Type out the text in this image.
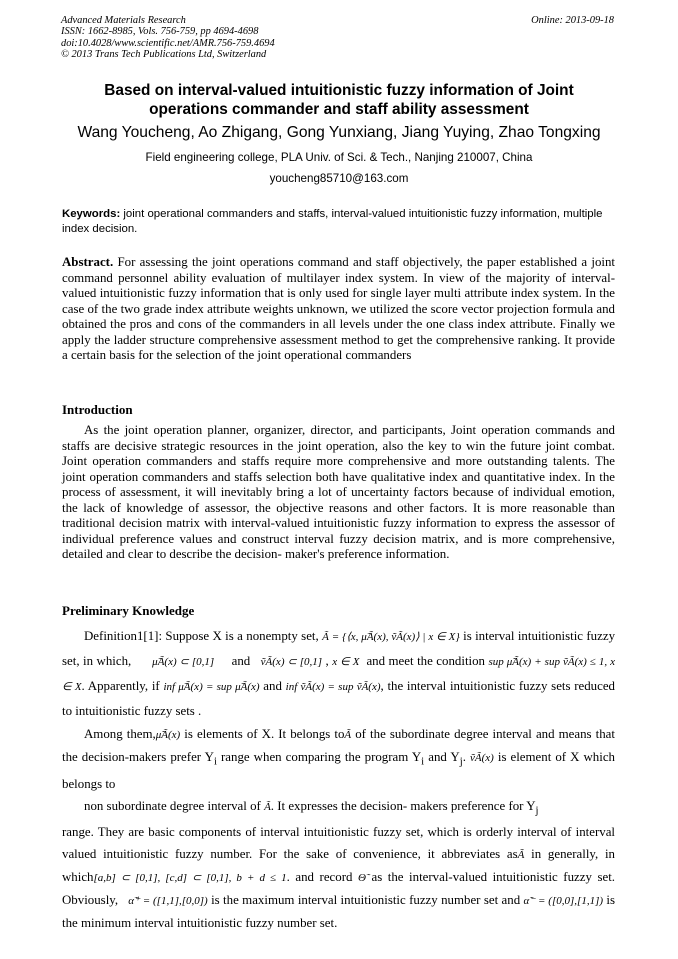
Advanced Materials Research
ISSN: 1662-8985, Vols. 756-759, pp 4694-4698
doi:10.4028/www.scientific.net/AMR.756-759.4694
© 2013 Trans Tech Publications Ltd, Switzerland
Online: 2013-09-18
Based on interval-valued intuitionistic fuzzy information of Joint
operations commander and staff ability assessment
Wang Youcheng, Ao Zhigang, Gong Yunxiang, Jiang Yuying, Zhao Tongxing
Field engineering college, PLA Univ. of Sci. & Tech., Nanjing 210007, China
youcheng85710@163.com
Keywords: joint operational commanders and staffs, interval-valued intuitionistic fuzzy information, multiple index decision.
Abstract. For assessing the joint operations command and staff objectively, the paper established a joint command personnel ability evaluation of multilayer index system. In view of the majority of interval-valued intuitionistic fuzzy information that is only used for single layer multi attribute index system. In the case of the two grade index attribute weights unknown, we utilized the score vector projection formula and obtained the pros and cons of the commanders in all levels under the one class index attribute. Finally we apply the ladder structure comprehensive assessment method to get the comprehensive ranking. It provide a certain basis for the selection of the joint operational commanders
Introduction
As the joint operation planner, organizer, director, and participants, Joint operation commands and staffs are decisive strategic resources in the joint operation, also the key to win the future joint combat. Joint operation commanders and staffs require more comprehensive and more outstanding talents. The joint operation commanders and staffs selection both have qualitative index and quantitative index. In the process of assessment, it will inevitably bring a lot of uncertainty factors because of individual emotion, the lack of knowledge of assessor, the objective reasons and other factors. It is more reasonable than traditional decision matrix with interval-valued intuitionistic fuzzy information to express the assessor of individual preference values and construct interval fuzzy decision matrix, and is more comprehensive, detailed and clear to describe the decision- maker's preference information.
Preliminary Knowledge

Definition1[1]: Suppose X is a nonempty set, Ã = {⟨x, μ̃Ã(x), ṽÃ(x)⟩ | x ∈ X} is interval intuitionistic fuzzy set, in which, μ̃Ã(x) ⊂ [0,1] and ṽÃ(x) ⊂ [0,1] , x ∈ X and meet the condition sup μ̃Ã(x) + sup ṽÃ(x) ≤ 1, x ∈ X. Apparently, if inf μ̃Ã(x) = sup μ̃Ã(x) and inf ṽÃ(x) = sup ṽÃ(x), the interval intuitionistic fuzzy sets reduced to intuitionistic fuzzy sets .

Among them,μ̃Ã(x) is elements of X. It belongs toÃ of the subordinate degree interval and means that the decision-makers prefer $Y_i$ range when comparing the program $Y_i$ and $Y_j$. ṽÃ(x) is element of X which belongs to

non subordinate degree interval of Ã. It expresses the decision- makers preference for $Y_j$

range. They are basic components of interval intuitionistic fuzzy set, which is orderly interval of interval valued intuitionistic fuzzy number. For the sake of convenience, it abbreviates asÃ in generally, in which[a,b] ⊂ [0,1], [c,d] ⊂ [0,1], b + d ≤ 1. and record Θ̃ as the interval-valued intuitionistic fuzzy set. Obviously, α̃⁺ = ([1,1],[0,0]) is the maximum interval intuitionistic fuzzy number set and α̃⁻ = ([0,0],[1,1]) is the minimum interval intuitionistic fuzzy number set.
